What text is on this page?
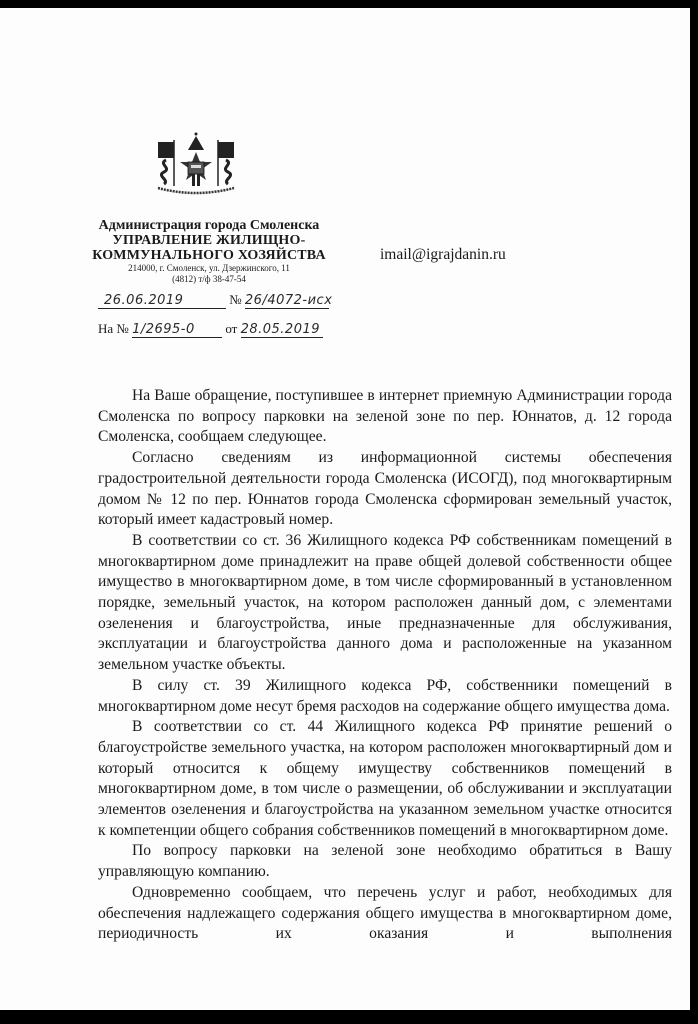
Администрация города Смоленска
УПРАВЛЕНИЕ ЖИЛИЩНО-
КОММУНАЛЬНОГО ХОЗЯЙСТВА
214000, г. Смоленск, ул. Дзержинского, 11
(4812) т/ф 38-47-54
imail@igrajdanin.ru
26.06.2019	№ 26/4072-исх
На № 1/2695-0 от 28.05.2019

На Ваше обращение, поступившее в интернет приемную Администрации города Смоленска по вопросу парковки на зеленой зоне по пер. Юннатов, д. 12 города Смоленска, сообщаем следующее.

Согласно сведениям из информационной системы обеспечения градостроительной деятельности города Смоленска (ИСОГД), под многоквартирным домом № 12 по пер. Юннатов города Смоленска сформирован земельный участок, который имеет кадастровый номер.

В соответствии со ст. 36 Жилищного кодекса РФ собственникам помещений в многоквартирном доме принадлежит на праве общей долевой собственности общее имущество в многоквартирном доме, в том числе сформированный в установленном порядке, земельный участок, на котором расположен данный дом, с элементами озеленения и благоустройства, иные предназначенные для обслуживания, эксплуатации и благоустройства данного дома и расположенные на указанном земельном участке объекты.

В силу ст. 39 Жилищного кодекса РФ, собственники помещений в многоквартирном доме несут бремя расходов на содержание общего имущества дома.

В соответствии со ст. 44 Жилищного кодекса РФ принятие решений о благоустройстве земельного участка, на котором расположен многоквартирный дом и который относится к общему имуществу собственников помещений в многоквартирном доме, в том числе о размещении, об обслуживании и эксплуатации элементов озеленения и благоустройства на указанном земельном участке относится к компетенции общего собрания собственников помещений в многоквартирном доме.

По вопросу парковки на зеленой зоне необходимо обратиться в Вашу управляющую компанию.

Одновременно сообщаем, что перечень услуг и работ, необходимых для обеспечения надлежащего содержания общего имущества в многоквартирном доме, периодичность их оказания и выполнения
